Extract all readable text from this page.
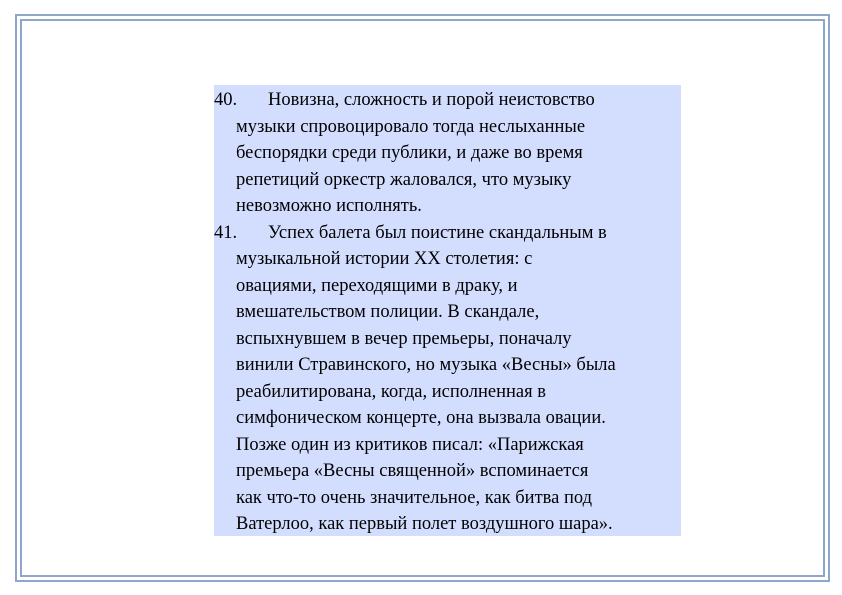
40. Новизна, сложность и порой неистовство
музыки спровоцировало тогда неслыханные
беспорядки среди публики, и даже во время
репетиций оркестр жаловался, что музыку
невозможно исполнять.
41. Успех балета был поистине скандальным в
музыкальной истории XX столетия: с
овациями, переходящими в драку, и
вмешательством полиции. В скандале,
вспыхнувшем в вечер премьеры, поначалу
винили Стравинского, но музыка «Весны» была
реабилитирована, когда, исполненная в
симфоническом концерте, она вызвала овации.
Позже один из критиков писал: «Парижская
премьера «Весны священной» вспоминается
как что-то очень значительное, как битва под
Ватерлоо, как первый полет воздушного шара».
